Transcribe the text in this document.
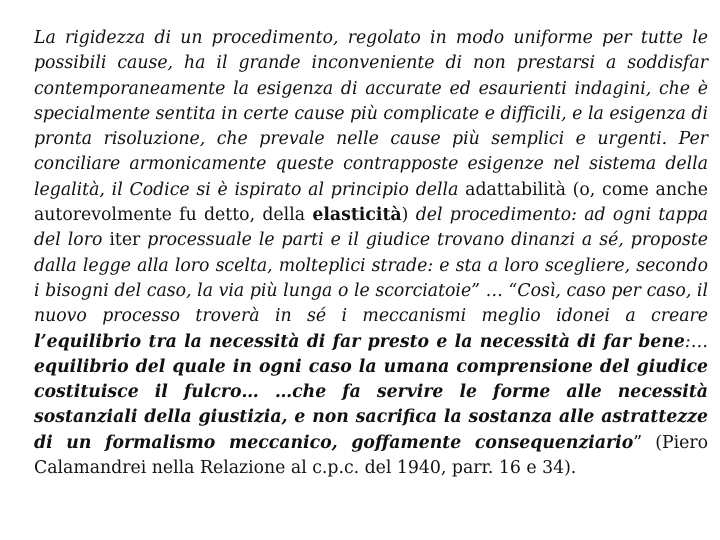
La rigidezza di un procedimento, regolato in modo uniforme per tutte le possibili cause, ha il grande inconveniente di non prestarsi a soddisfar contemporaneamente la esigenza di accurate ed esaurienti indagini, che è specialmente sentita in certe cause più complicate e difficili, e la esigenza di pronta risoluzione, che prevale nelle cause più semplici e urgenti. Per conciliare armonicamente queste contrapposte esigenze nel sistema della legalità, il Codice si è ispirato al principio della adattabilità (o, come anche autorevolmente fu detto, della elasticità) del procedimento: ad ogni tappa del loro iter processuale le parti e il giudice trovano dinanzi a sé, proposte dalla legge alla loro scelta, molteplici strade: e sta a loro scegliere, secondo i bisogni del caso, la via più lunga o le scorciatoie” … “Così, caso per caso, il nuovo processo troverà in sé i meccanismi meglio idonei a creare l’equilibrio tra la necessità di far presto e la necessità di far bene:…equilibrio del quale in ogni caso la umana comprensione del giudice costituisce il fulcro… …che fa servire le forme alle necessità sostanziali della giustizia, e non sacrifica la sostanza alle astrattezze di un formalismo meccanico, goffamente consequenziario” (Piero Calamandrei nella Relazione al c.p.c. del 1940, parr. 16 e 34).
